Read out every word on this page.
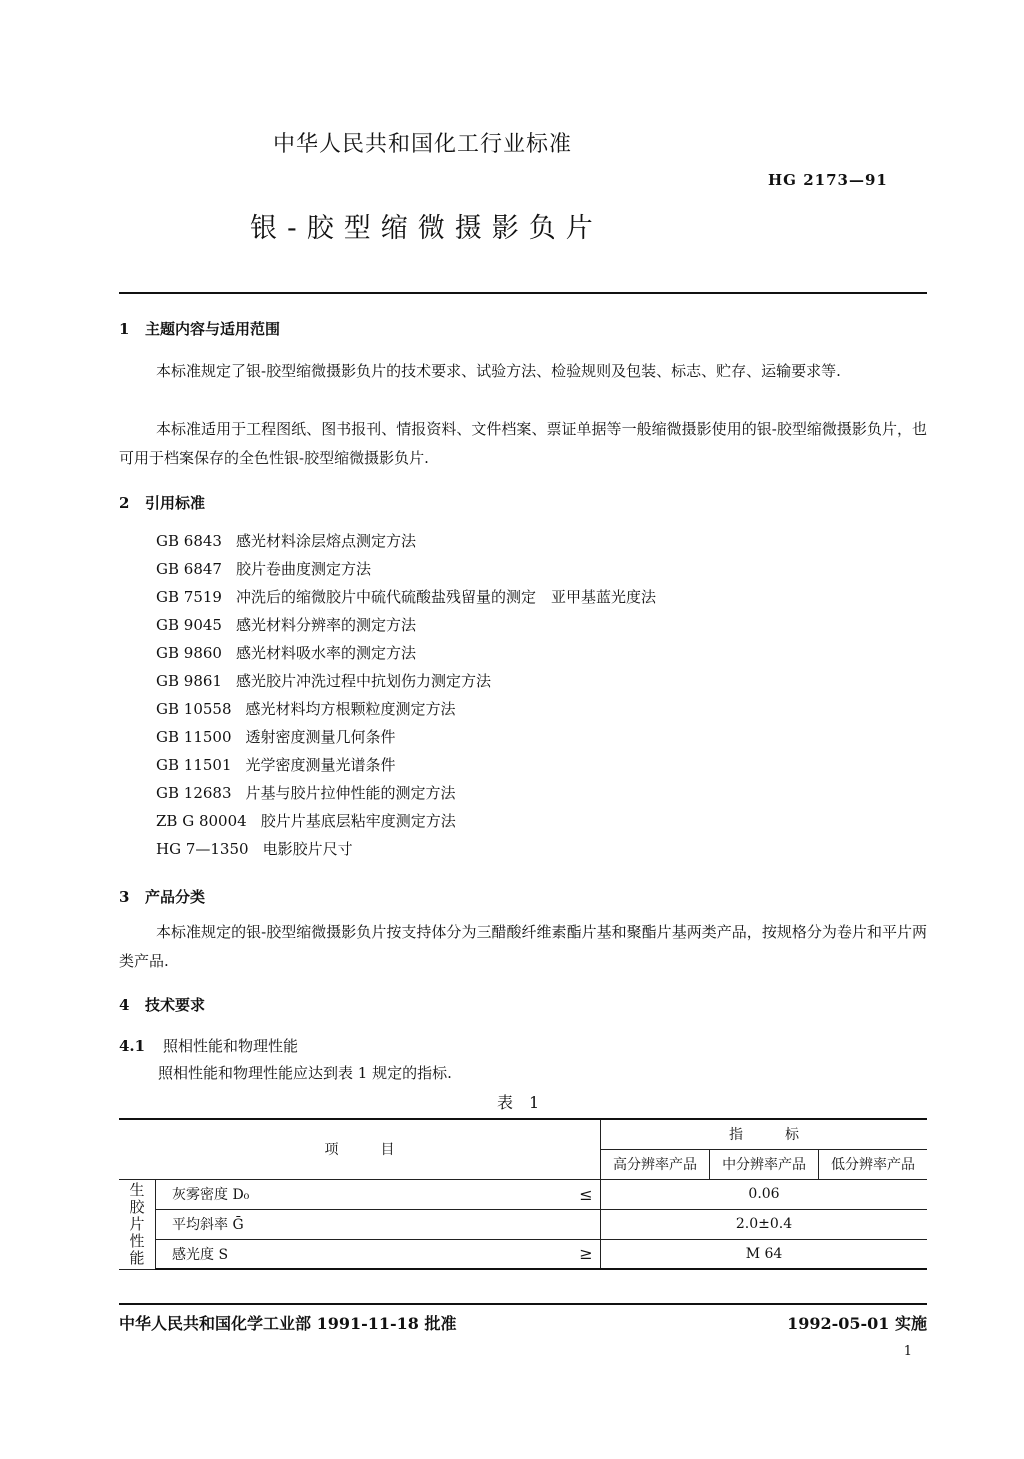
中华人民共和国化工行业标准
HG 2173—91
银-胶型缩微摄影负片
1 主题内容与适用范围
本标准规定了银-胶型缩微摄影负片的技术要求、试验方法、检验规则及包装、标志、贮存、运输要求等.
本标准适用于工程图纸、图书报刊、情报资料、文件档案、票证单据等一般缩微摄影使用的银-胶型缩微摄影负片，也可用于档案保存的全色性银-胶型缩微摄影负片.
2 引用标准
GB 6843 感光材料涂层熔点测定方法
GB 6847 胶片卷曲度测定方法
GB 7519 冲洗后的缩微胶片中硫代硫酸盐残留量的测定　亚甲基蓝光度法
GB 9045 感光材料分辨率的测定方法
GB 9860 感光材料吸水率的测定方法
GB 9861 感光胶片冲洗过程中抗划伤力测定方法
GB 10558 感光材料均方根颗粒度测定方法
GB 11500 透射密度测量几何条件
GB 11501 光学密度测量光谱条件
GB 12683 片基与胶片拉伸性能的测定方法
ZB G 80004 胶片片基底层粘牢度测定方法
HG 7—1350 电影胶片尺寸
3 产品分类
本标准规定的银-胶型缩微摄影负片按支持体分为三醋酸纤维素酯片基和聚酯片基两类产品，按规格分为卷片和平片两类产品.
4 技术要求
4.1 照相性能和物理性能
照相性能和物理性能应达到表 1 规定的指标.
表　1
项　　　目			指　　　标		
			高分辨率产品	中分辨率产品	低分辨率产品

生
胶
片
性
能	灰雾密度 D₀	≤	0.06		
	平均斜率 Ḡ		2.0±0.4		
	感光度 S	≥	M 64		
中华人民共和国化学工业部 1991-11-18 批准	1992-05-01 实施
1
